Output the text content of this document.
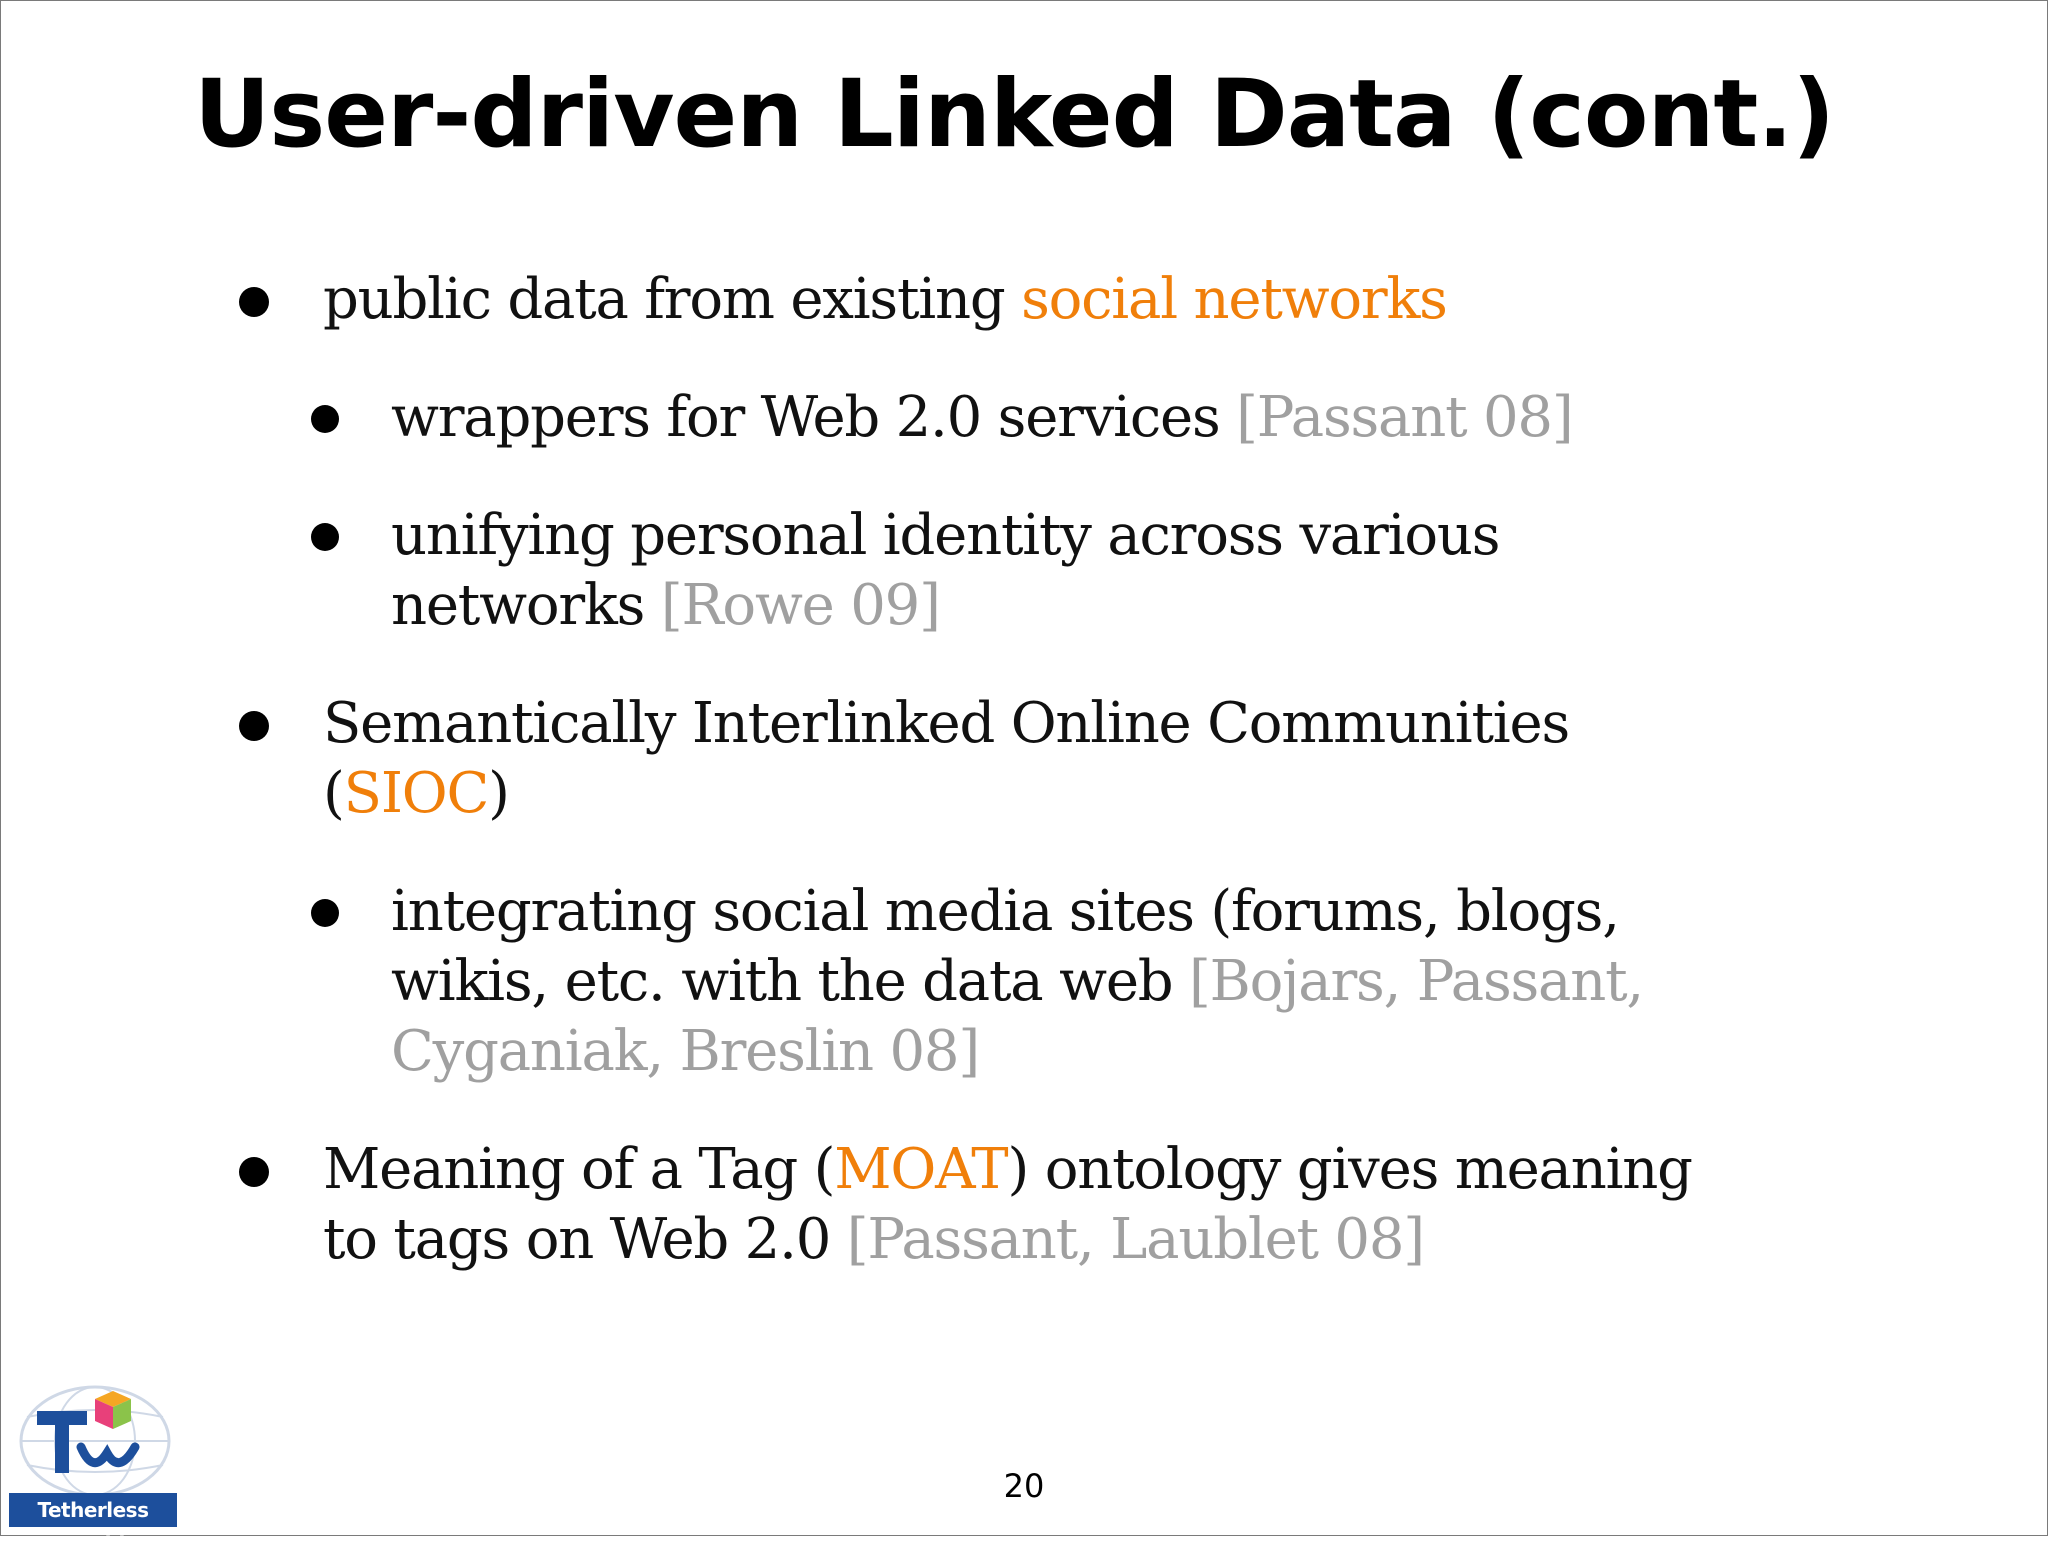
User-driven Linked Data (cont.)
public data from existing social networks
wrappers for Web 2.0 services [Passant 08]
unifying personal identity across various
networks [Rowe 09]
Semantically Interlinked Online Communities
(SIOC)
integrating social media sites (forums, blogs,
wikis, etc. with the data web [Bojars, Passant,
Cyganiak, Breslin 08]
Meaning of a Tag (MOAT) ontology gives meaning
to tags on Web 2.0 [Passant, Laublet 08]
Tetherless World
20
